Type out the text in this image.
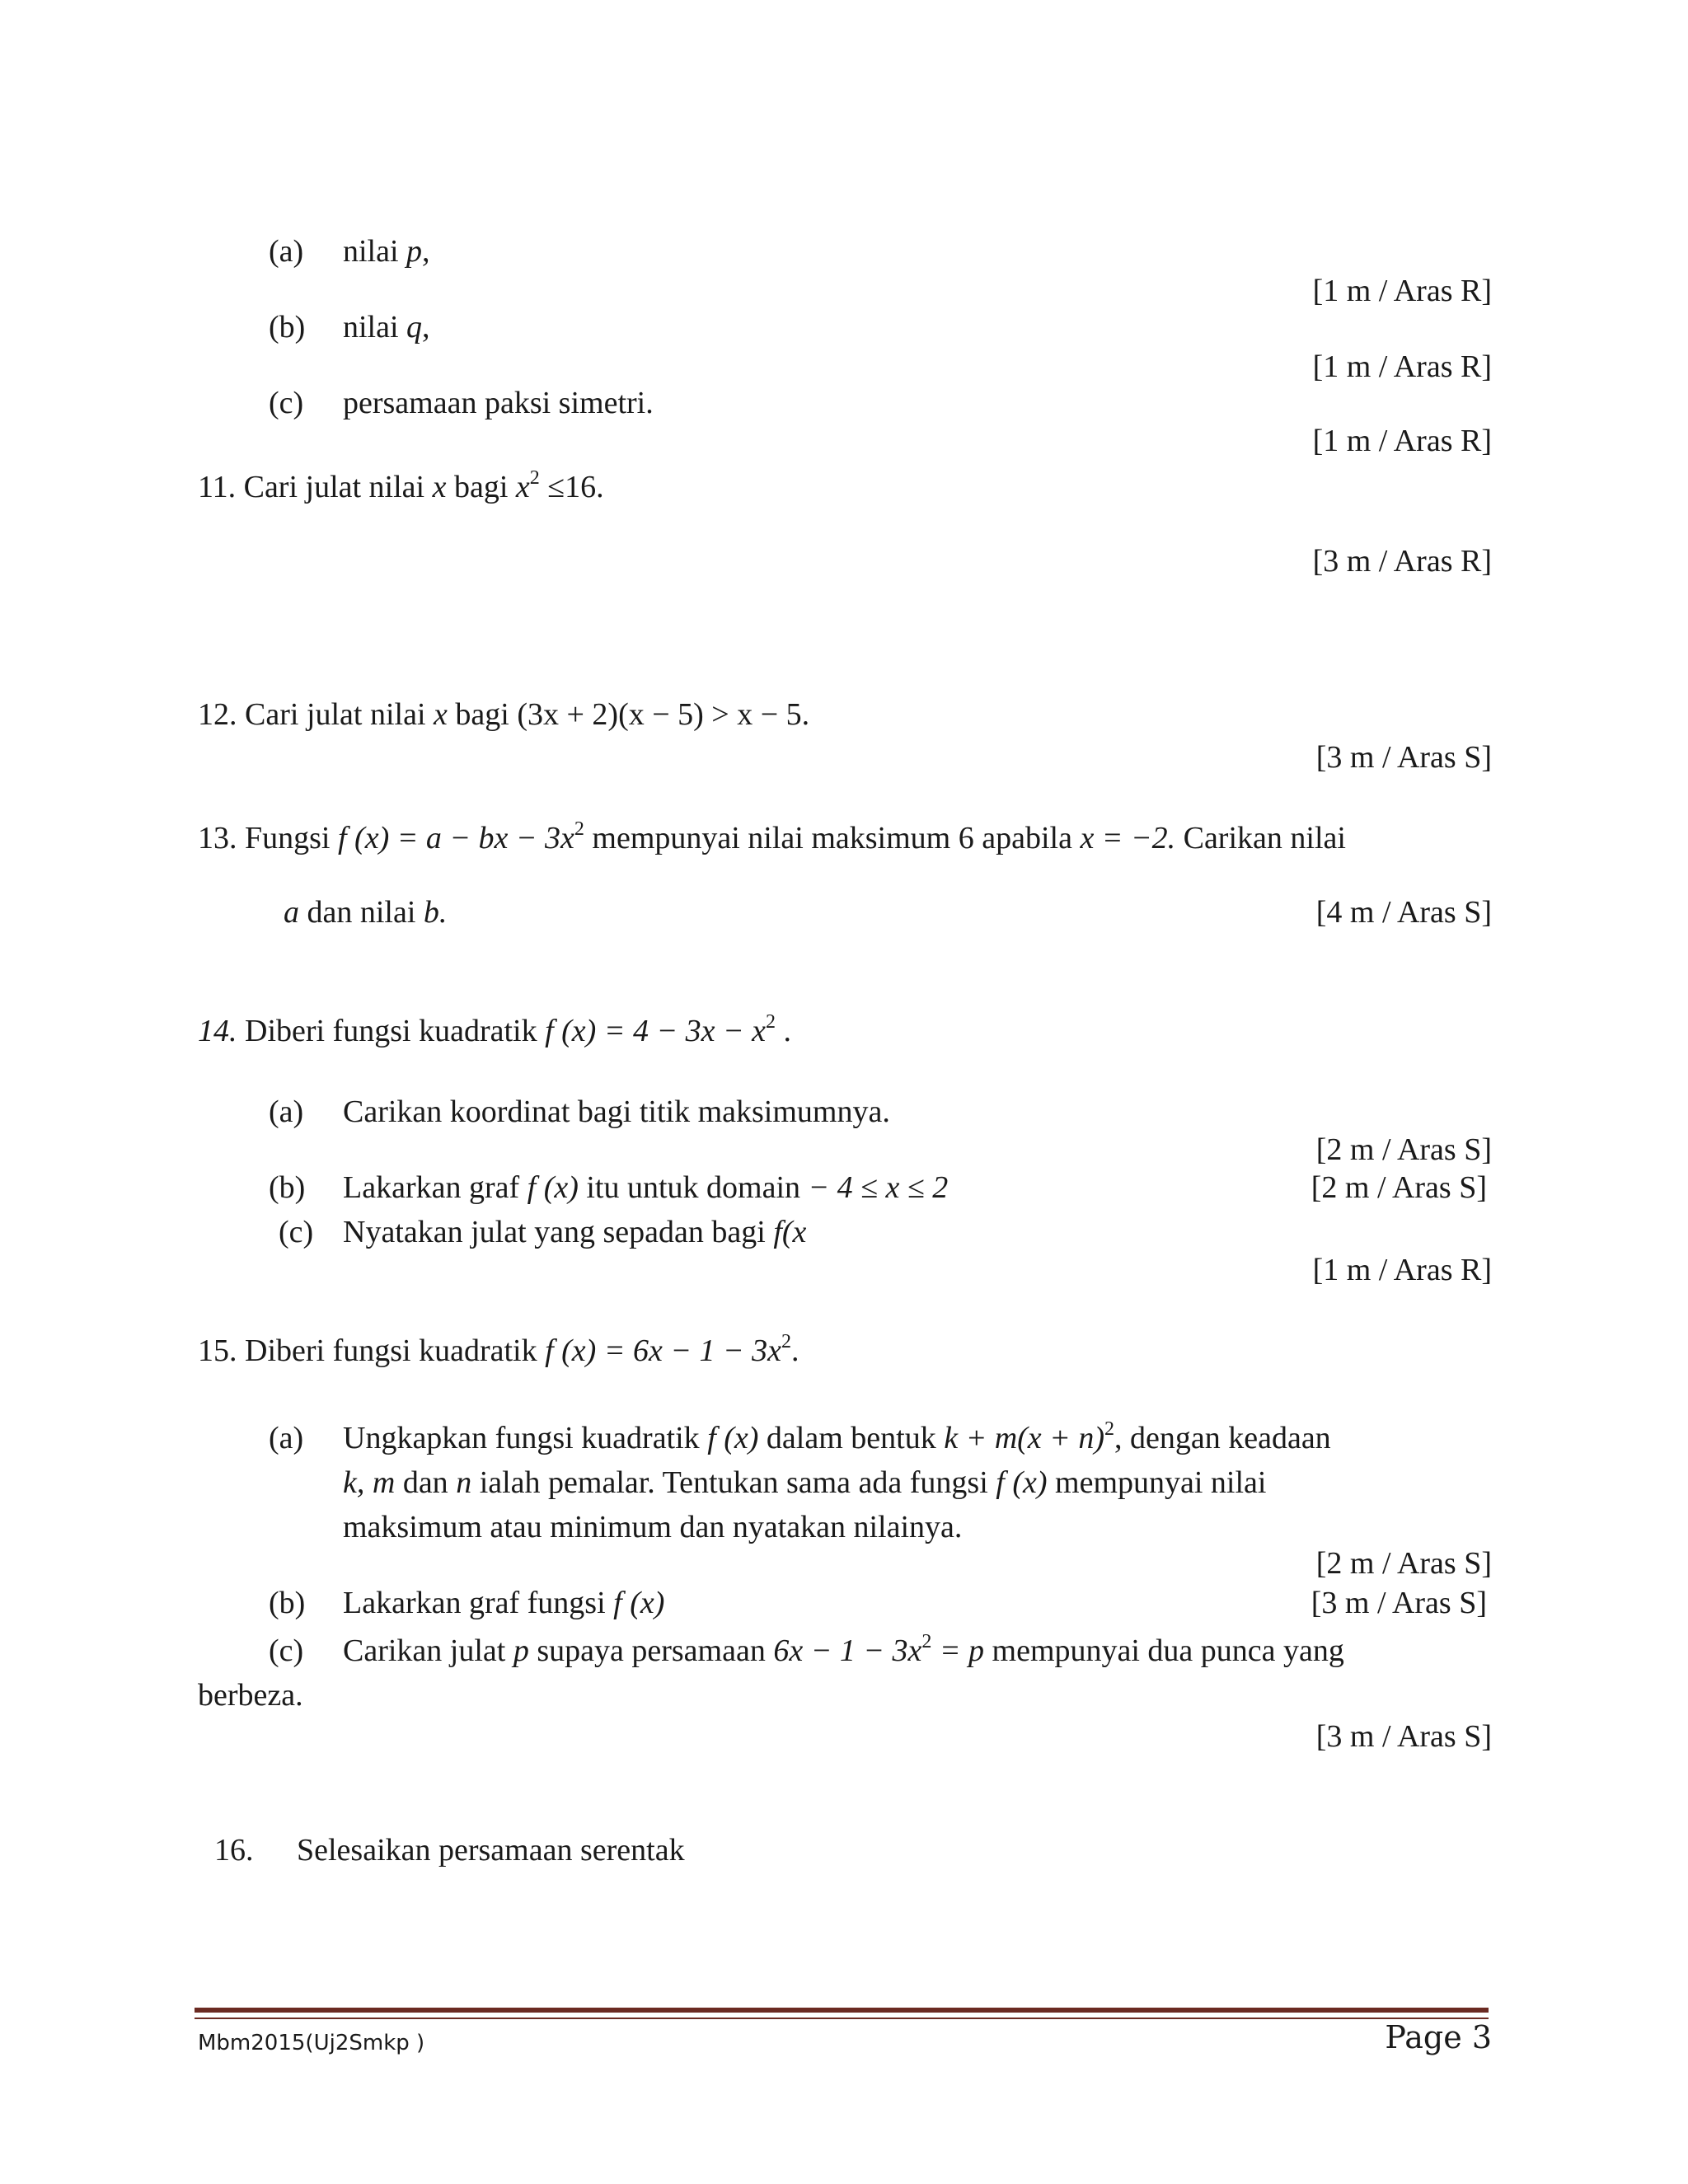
(a) nilai p,
[1 m / Aras R]
(b) nilai q,
[1 m / Aras R]
(c) persamaan paksi simetri.
[1 m / Aras R]
11. Cari julat nilai x bagi $x^2 \le 16$.
[3 m / Aras R]
12. Cari julat nilai x bagi (3x + 2)(x − 5) > x − 5.
[3 m / Aras S]
13. Fungsi f (x) = a − bx − $3x^2$ mempunyai nilai maksimum 6 apabila x = −2. Carikan nilai
a dan nilai b.	[4 m / Aras S]
14. Diberi fungsi kuadratik f $(x) = 4 - 3x - x^2$ .
(a) Carikan koordinat bagi titik maksimumnya.
[2 m / Aras S]
(b) Lakarkan graf f (x) itu untuk domain − 4 ≤ x ≤ 2	[2 m / Aras S]
(c) Nyatakan julat yang sepadan bagi f(x
[1 m / Aras R]
15. Diberi fungsi kuadratik f $(x) = 6x - 1 - 3x^2$.
(a) Ungkapkan fungsi kuadratik f (x) dalam bentuk $k + m(x + n)^2$, dengan keadaan
k, m dan n ialah pemalar. Tentukan sama ada fungsi f (x) mempunyai nilai
maksimum atau minimum dan nyatakan nilainya.
[2 m / Aras S]
(b) Lakarkan graf fungsi f (x)	[3 m / Aras S]
(c) Carikan julat p supaya persamaan $6x - 1 - 3x^2 = p$ mempunyai dua punca yang
berbeza.
[3 m / Aras S]
16. Selesaikan persamaan serentak
Mbm2015(Uj2Smkp )	Page 3
